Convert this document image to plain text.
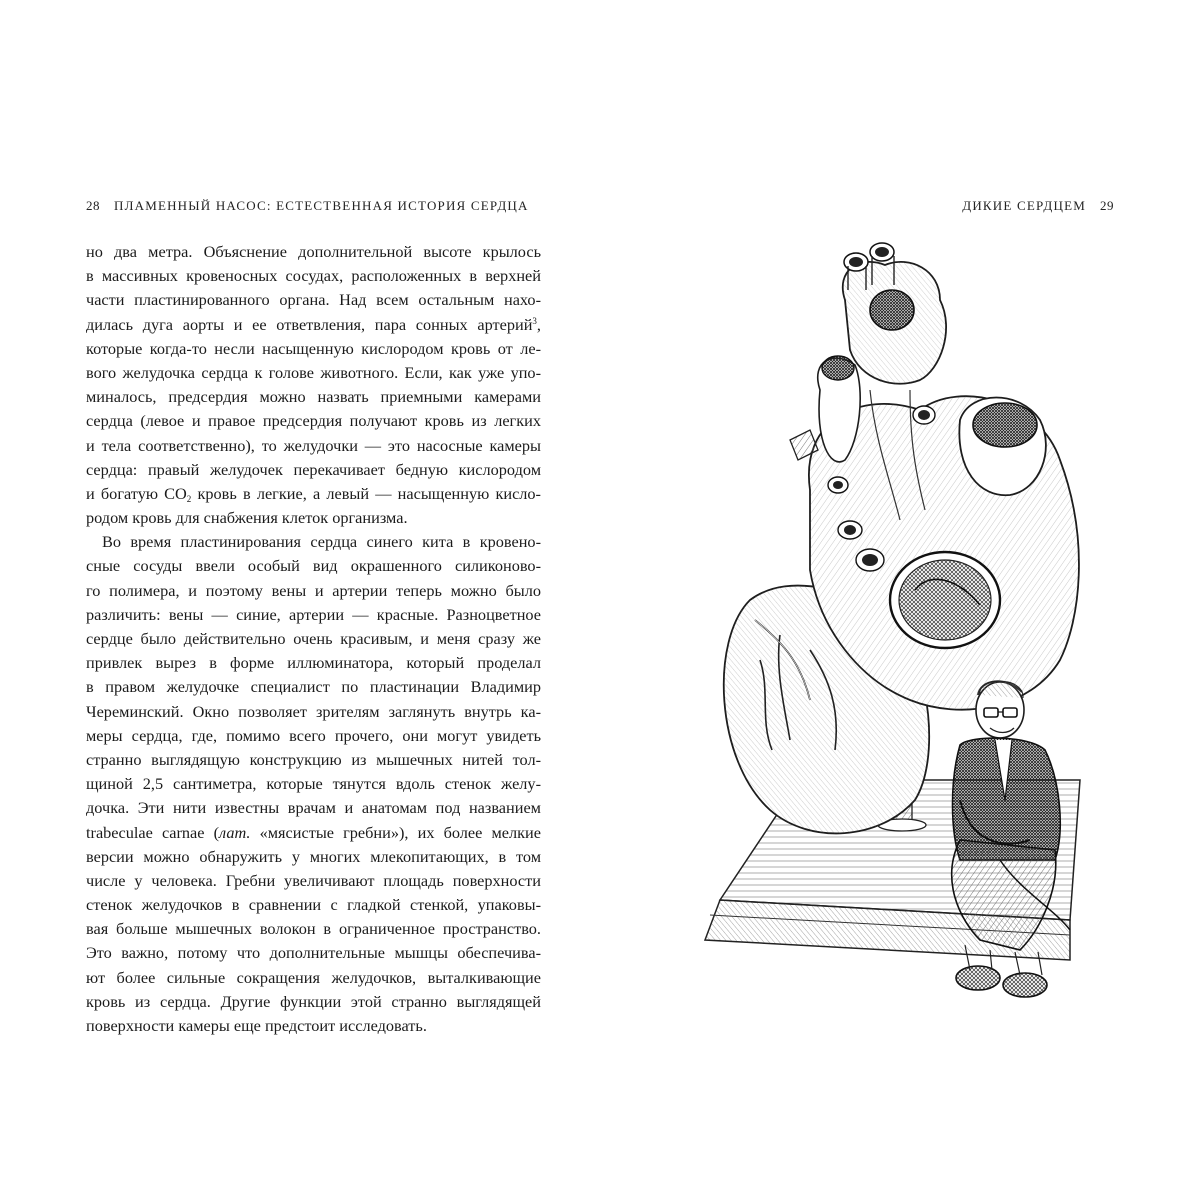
28 ПЛАМЕННЫЙ НАСОС: ЕСТЕСТВЕННАЯ ИСТОРИЯ СЕРДЦА	ДИКИЕ СЕРДЦЕМ 29
но два метра. Объяснение дополнительной высоте крылось
в массивных кровеносных сосудах, расположенных в верхней
части пластинированного органа. Над всем остальным нахо-
дилась дуга аорты и ее ответвления, пара сонных артерий$^3$,
которые когда-то несли насыщенную кислородом кровь от ле-
вого желудочка сердца к голове животного. Если, как уже упо-
миналось, предсердия можно назвать приемными камерами
сердца (левое и правое предсердия получают кровь из легких
и тела соответственно), то желудочки — это насосные камеры
сердца: правый желудочек перекачивает бедную кислородом
и богатую $СО_2$ кровь в легкие, а левый — насыщенную кисло-
родом кровь для снабжения клеток организма.
Во время пластинирования сердца синего кита в кровено-
сные сосуды ввели особый вид окрашенного силиконово-
го полимера, и поэтому вены и артерии теперь можно было
различить: вены — синие, артерии — красные. Разноцветное
сердце было действительно очень красивым, и меня сразу же
привлек вырез в форме иллюминатора, который проделал
в правом желудочке специалист по пластинации Владимир
Череминский. Окно позволяет зрителям заглянуть внутрь ка-
меры сердца, где, помимо всего прочего, они могут увидеть
странно выглядящую конструкцию из мышечных нитей тол-
щиной 2,5 сантиметра, которые тянутся вдоль стенок желу-
дочка. Эти нити известны врачам и анатомам под названием
trabeculae carnae (лат. «мясистые гребни»), их более мелкие
версии можно обнаружить у многих млекопитающих, в том
числе у человека. Гребни увеличивают площадь поверхности
стенок желудочков в сравнении с гладкой стенкой, упаковы-
вая больше мышечных волокон в ограниченное пространство.
Это важно, потому что дополнительные мышцы обеспечива-
ют более сильные сокращения желудочков, выталкивающие
кровь из сердца. Другие функции этой странно выглядящей
поверхности камеры еще предстоит исследовать.
